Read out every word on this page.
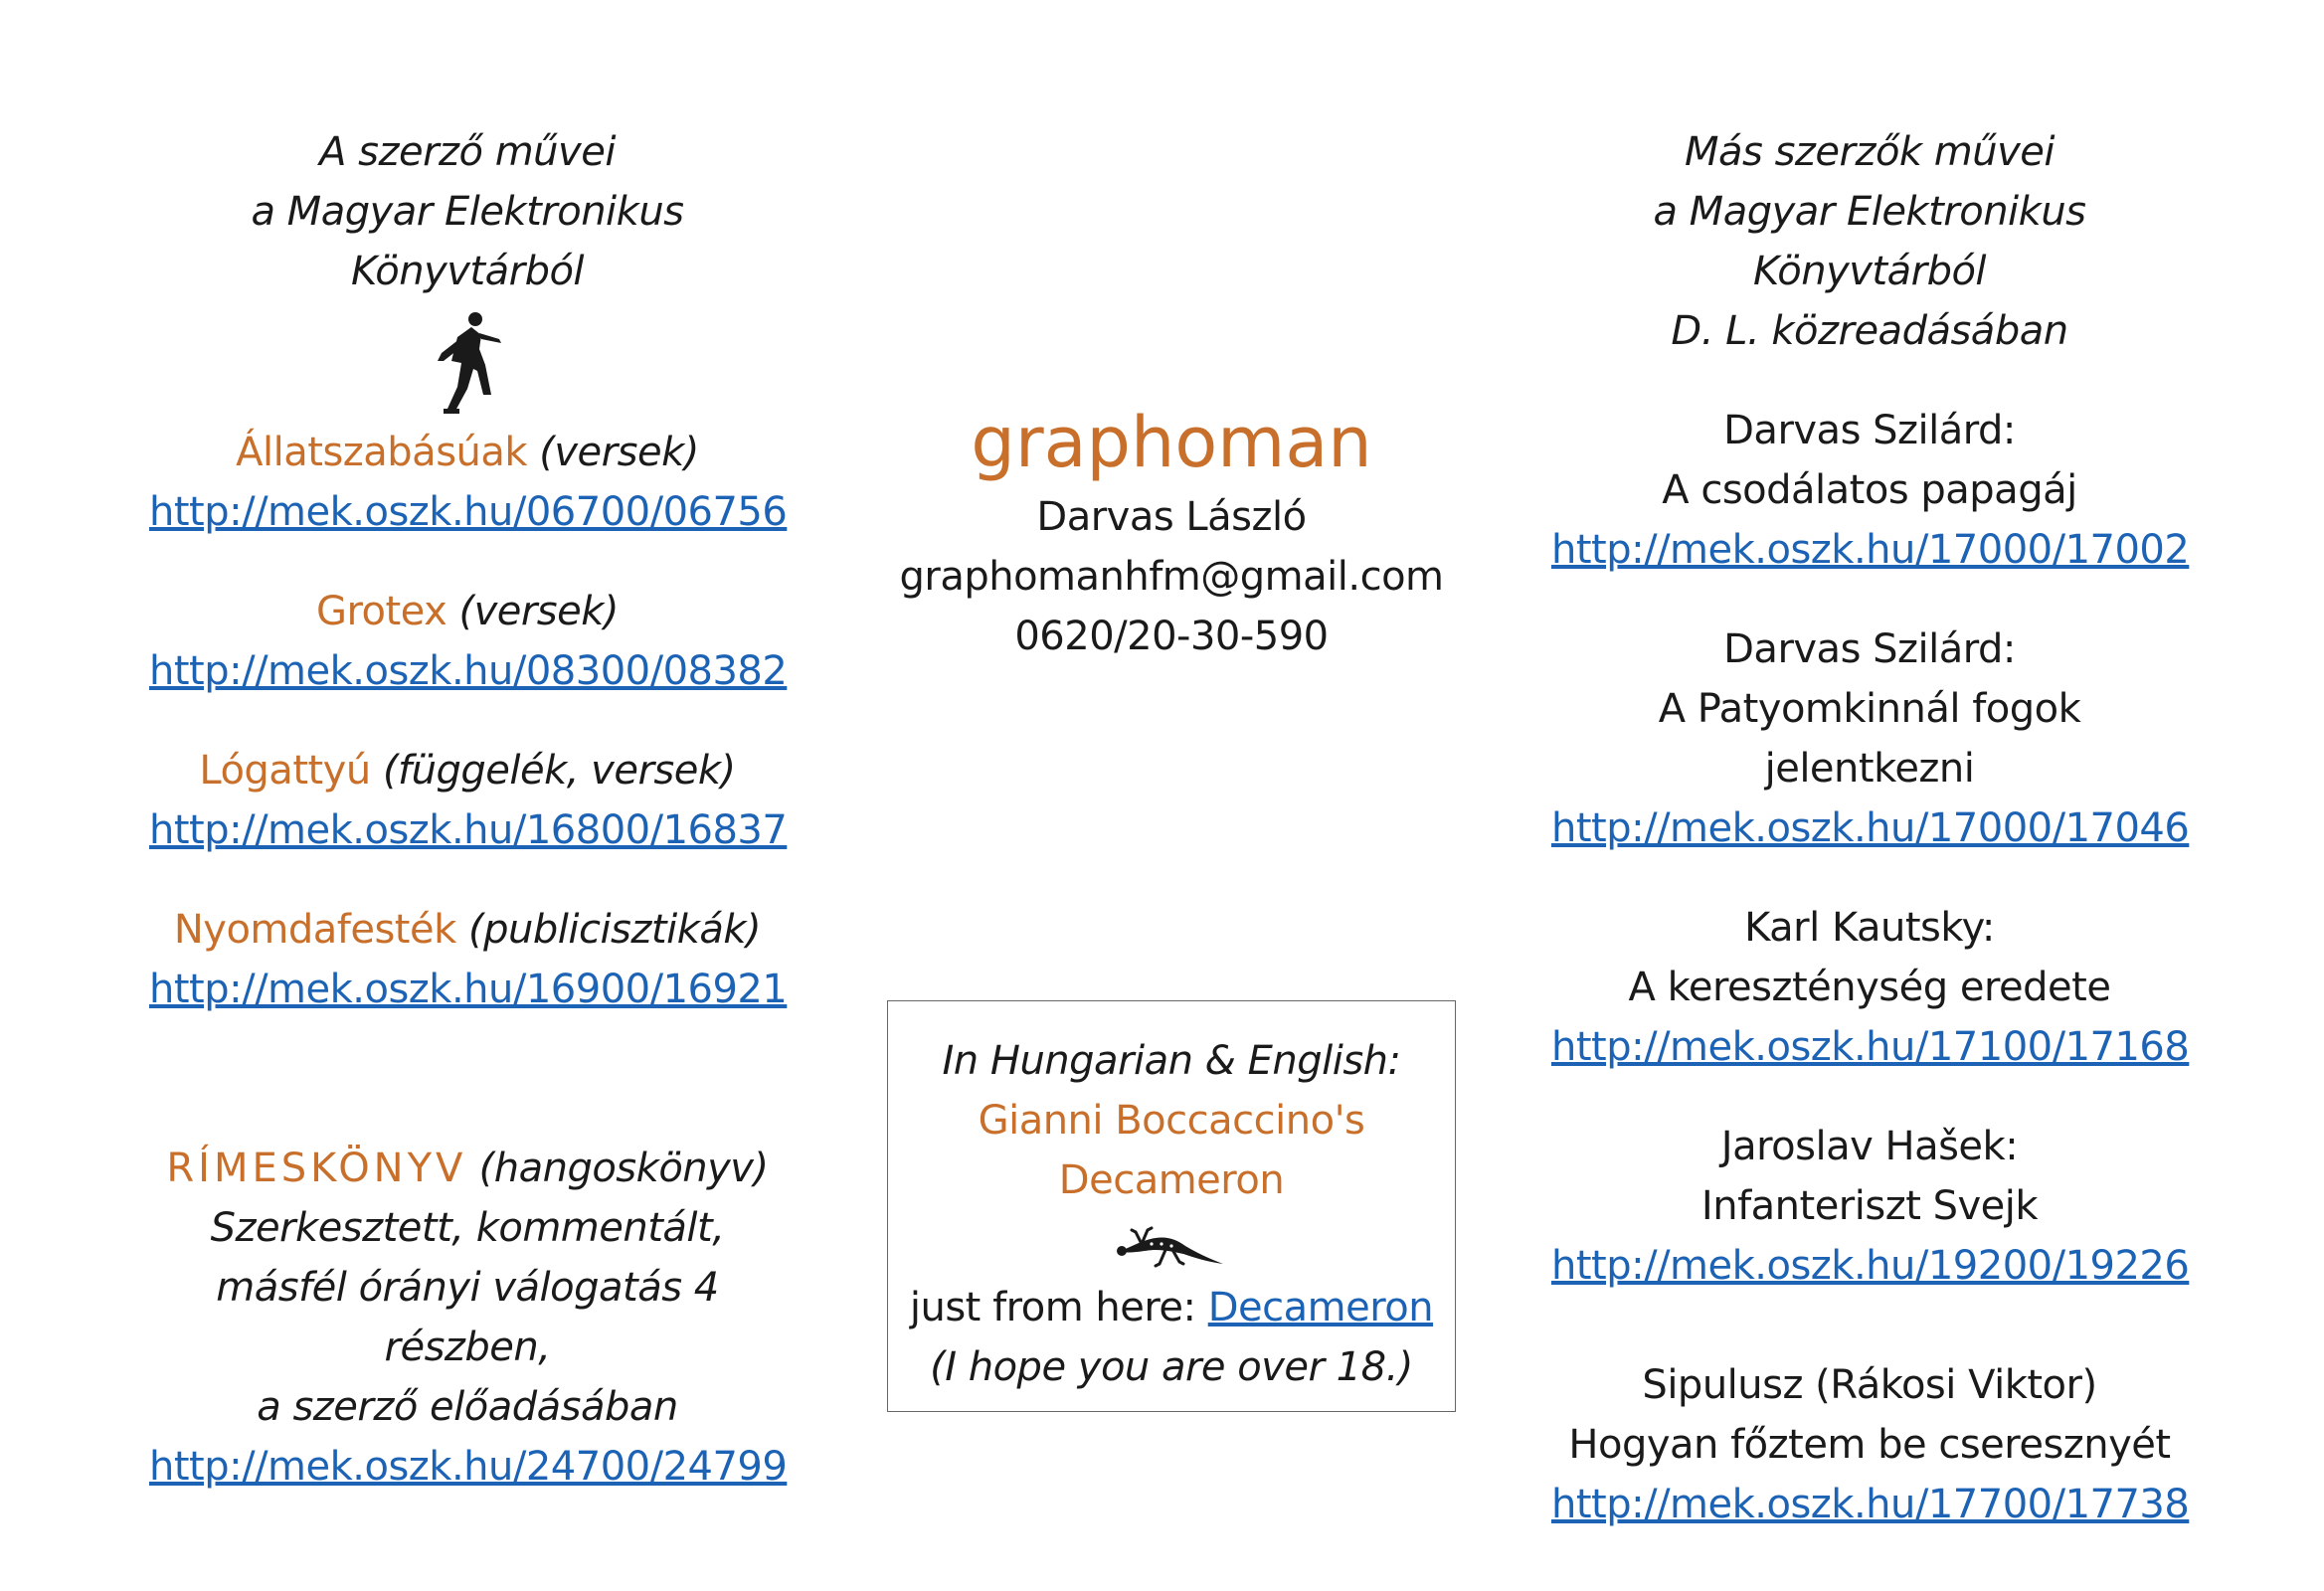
A szerző művei
a Magyar Elektronikus Könyvtárból
Állatszabásúak (versek)
http://mek.oszk.hu/06700/06756
Grotex (versek)
http://mek.oszk.hu/08300/08382
Lógattyú (függelék, versek)
http://mek.oszk.hu/16800/16837
Nyomdafesték (publicisztikák)
http://mek.oszk.hu/16900/16921
RÍMESKÖNYV (hangoskönyv)
Szerkesztett, kommentált,
másfél órányi válogatás 4 részben,
a szerző előadásában
http://mek.oszk.hu/24700/24799
graphoman
Darvas László
graphomanhfm@gmail.com
0620/20-30-590
In Hungarian & English:
Gianni Boccaccino's Decameron
just from here: Decameron
(I hope you are over 18.)
Más szerzők művei
a Magyar Elektronikus Könyvtárból
D. L. közreadásában
Darvas Szilárd:
A csodálatos papagáj
http://mek.oszk.hu/17000/17002
Darvas Szilárd:
A Patyomkinnál fogok jelentkezni
http://mek.oszk.hu/17000/17046
Karl Kautsky:
A kereszténység eredete
http://mek.oszk.hu/17100/17168
Jaroslav Hašek:
Infanteriszt Svejk
http://mek.oszk.hu/19200/19226
Sipulusz (Rákosi Viktor)
Hogyan főztem be cseresznyét
http://mek.oszk.hu/17700/17738
